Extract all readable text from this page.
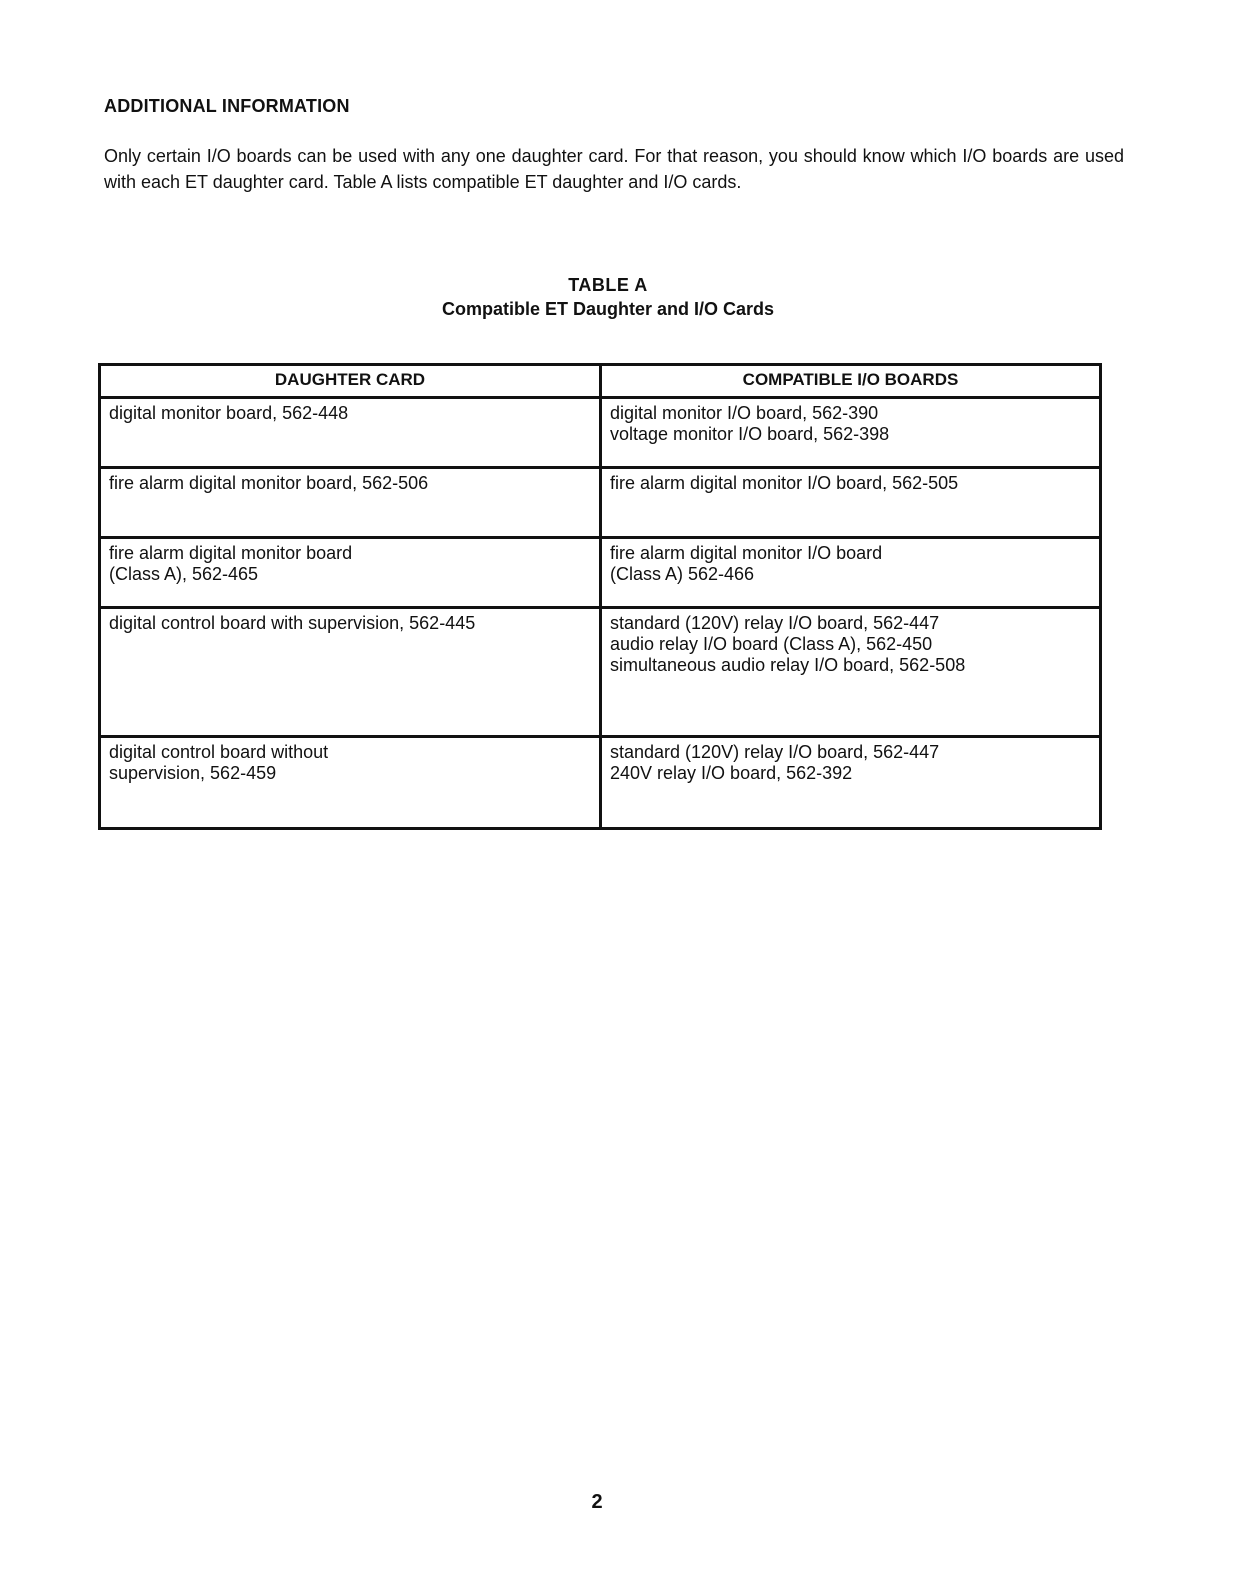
ADDITIONAL INFORMATION

Only certain I/O boards can be used with any one daughter card. For that reason, you should know which I/O boards are used with each ET daughter card. Table A lists compatible ET daughter and I/O cards.

TABLE A
Compatible ET Daughter and I/O Cards
DAUGHTER CARD	COMPATIBLE I/O BOARDS

digital monitor board, 562-448	digital monitor I/O board, 562-390
voltage monitor I/O board, 562-398

fire alarm digital monitor board, 562-506	fire alarm digital monitor I/O board, 562-505

fire alarm digital monitor board
(Class A), 562-465	fire alarm digital monitor I/O board
(Class A) 562-466

digital control board with supervision, 562-445	standard (120V) relay I/O board, 562-447
audio relay I/O board (Class A), 562-450
simultaneous audio relay I/O board, 562-508

digital control board without
supervision, 562-459	standard (120V) relay I/O board, 562-447
240V relay I/O board, 562-392
2
